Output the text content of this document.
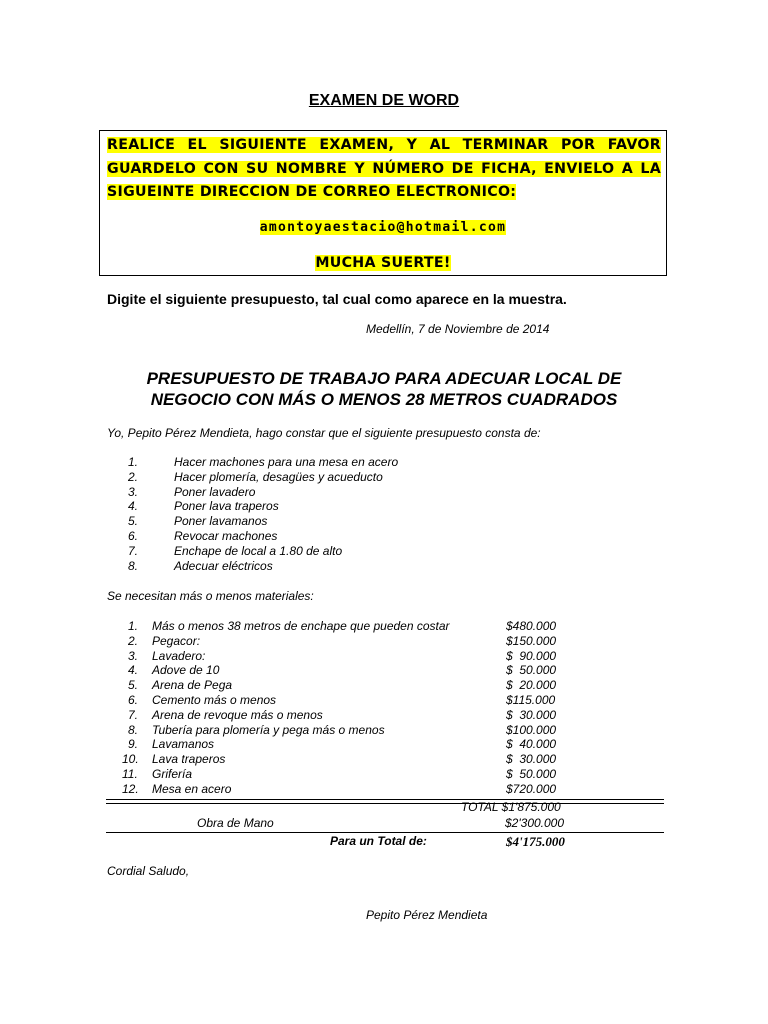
EXAMEN DE WORD
REALICE EL SIGUIENTE EXAMEN, Y AL TERMINAR POR FAVOR
GUARDELO CON SU NOMBRE Y NÚMERO DE FICHA, ENVIELO A LA
SIGUEINTE DIRECCION DE CORREO ELECTRONICO:
amontoyaestacio@hotmail.com
MUCHA SUERTE!
Digite el siguiente presupuesto, tal cual como aparece en la muestra.
Medellín, 7 de Noviembre de 2014
PRESUPUESTO DE TRABAJO PARA ADECUAR LOCAL DE
NEGOCIO CON MÁS O MENOS 28 METROS CUADRADOS
Yo, Pepito Pérez Mendieta, hago constar que el siguiente presupuesto consta de:
1.	Hacer machones para una mesa en acero
2.	Hacer plomería, desagües y acueducto
3.	Poner lavadero
4.	Poner lava traperos
5.	Poner lavamanos
6.	Revocar machones
7.	Enchape de local a 1.80 de alto
8.	Adecuar eléctricos
Se necesitan más o menos materiales:
1. Más o menos 38 metros de enchape que pueden costar	$480.000
2. Pegacor:	$150.000
3. Lavadero:	$  90.000
4. Adove de 10	$  50.000
5. Arena de Pega	$  20.000
6. Cemento más o menos	$115.000
7. Arena de revoque más o menos	$  30.000
8. Tubería para plomería y pega más o menos	$100.000
9. Lavamanos	$  40.000
10. Lava traperos	$  30.000
11. Grifería	$  50.000
12. Mesa en acero	$720.000
TOTAL $1'875.000
Obra de Mano	$2'300.000
Para un Total de:	$4'175.000
Cordial Saludo,
Pepito Pérez Mendieta
